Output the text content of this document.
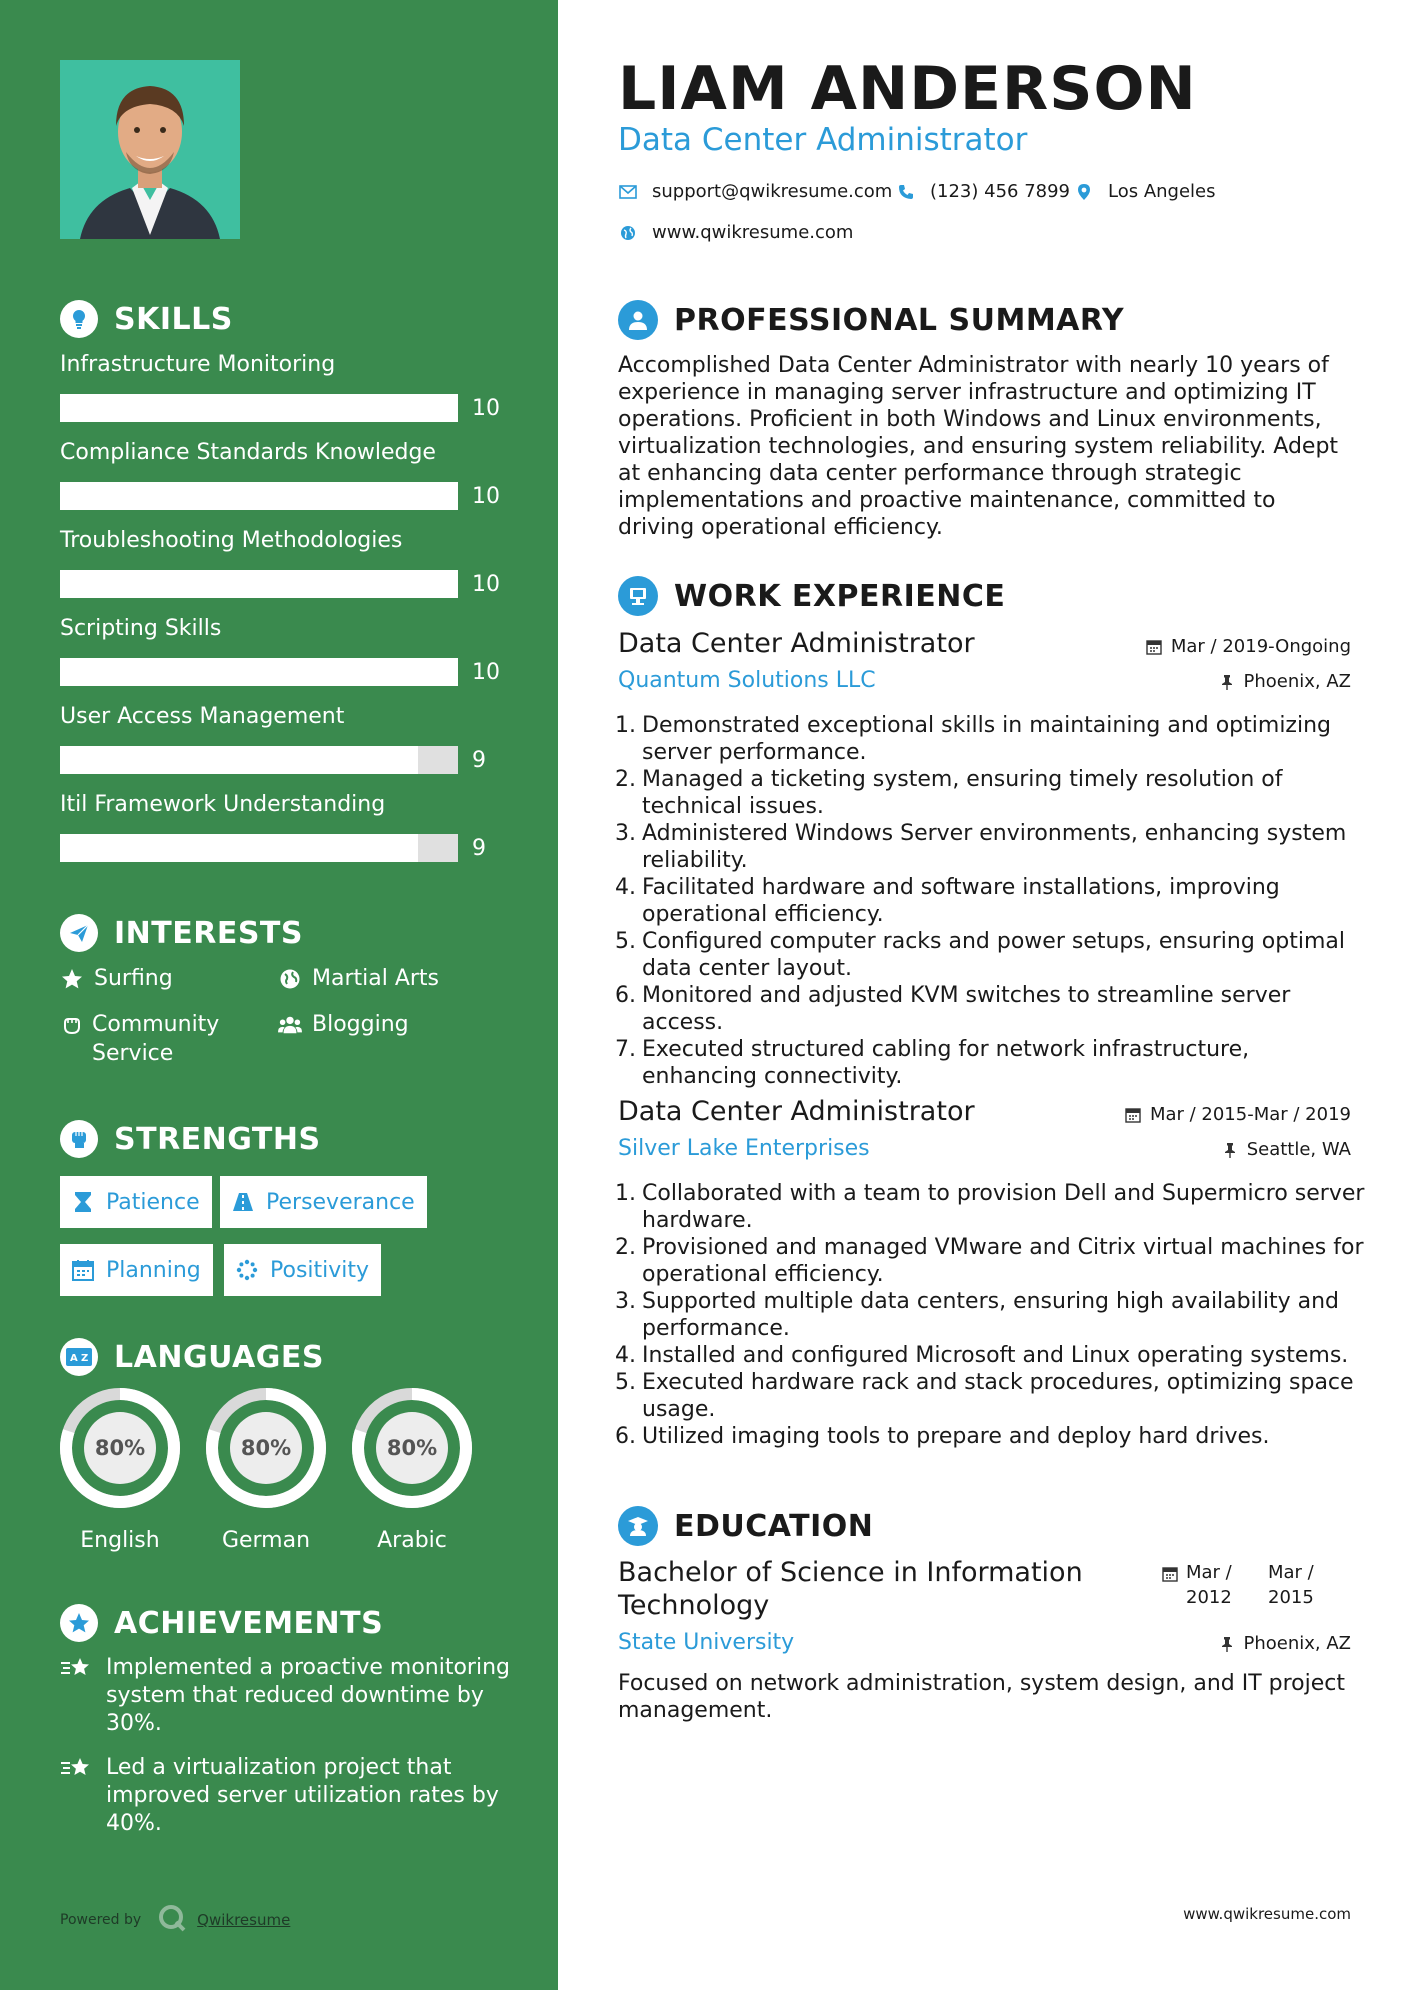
SKILLS
Infrastructure Monitoring
10
Compliance Standards Knowledge
10
Troubleshooting Methodologies
10
Scripting Skills
10
User Access Management
9
Itil Framework Understanding
9
INTERESTS
Surfing	Martial Arts
Community Service
Blogging
STRENGTHS
Patience	Perseverance
Planning	Positivity
A Z LANGUAGES
80%
English
80%
German
80%
Arabic
ACHIEVEMENTS
Implemented a proactive monitoring system that reduced downtime by 30%.
Led a virtualization project that improved server utilization rates by 40%.
Powered by	Qwikresume
LIAM ANDERSON
Data Center Administrator
support@qwikresume.com (123) 456 7899 Los Angeles
www.qwikresume.com
PROFESSIONAL SUMMARY
Accomplished Data Center Administrator with nearly 10 years of experience in managing server infrastructure and optimizing IT operations. Proficient in both Windows and Linux environments, virtualization technologies, and ensuring system reliability. Adept at enhancing data center performance through strategic implementations and proactive maintenance, committed to driving operational efficiency.
WORK EXPERIENCE
Data Center Administrator	Mar / 2019-Ongoing
Quantum Solutions LLC	Phoenix, AZ
1. Demonstrated exceptional skills in maintaining and optimizing server performance.
2. Managed a ticketing system, ensuring timely resolution of technical issues.
3. Administered Windows Server environments, enhancing system reliability.
4. Facilitated hardware and software installations, improving operational efficiency.
5. Configured computer racks and power setups, ensuring optimal data center layout.
6. Monitored and adjusted KVM switches to streamline server access.
7. Executed structured cabling for network infrastructure, enhancing connectivity.
Data Center Administrator	Mar / 2015-Mar / 2019
Silver Lake Enterprises	Seattle, WA
1. Collaborated with a team to provision Dell and Supermicro server hardware.
2. Provisioned and managed VMware and Citrix virtual machines for operational efficiency.
3. Supported multiple data centers, ensuring high availability and performance.
4. Installed and configured Microsoft and Linux operating systems.
5. Executed hardware rack and stack procedures, optimizing space usage.
6. Utilized imaging tools to prepare and deploy hard drives.
EDUCATION
Bachelor of Science in Information Technology
Mar /
2012
Mar /
2015
State University	Phoenix, AZ
Focused on network administration, system design, and IT project management.
www.qwikresume.com
